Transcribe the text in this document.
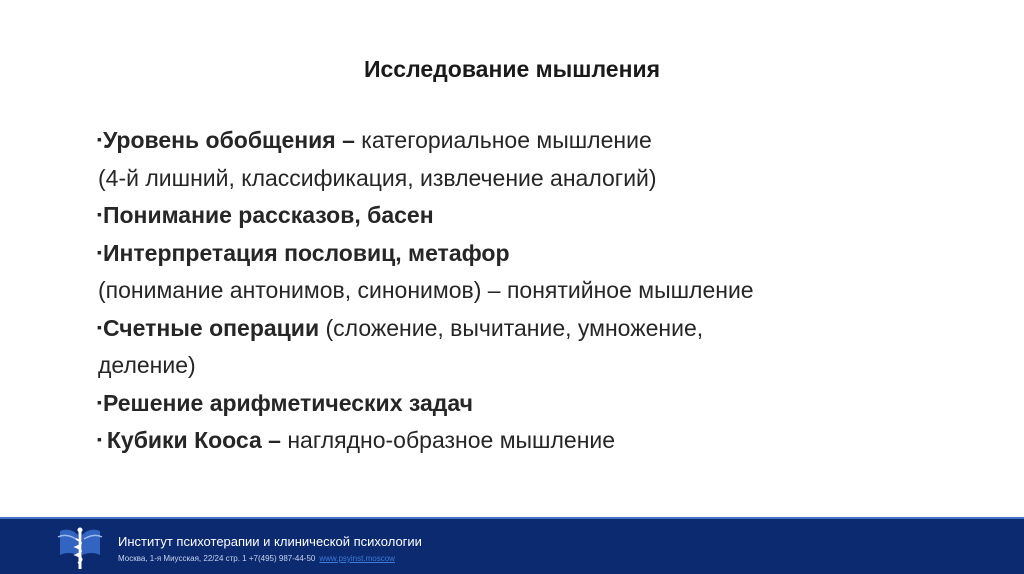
Исследование мышления
▪Уровень обобщения – категориальное мышление
(4-й лишний, классификация, извлечение аналогий)
▪Понимание рассказов, басен
▪Интерпретация пословиц, метафор
(понимание антонимов, синонимов) – понятийное мышление
▪Счетные операции (сложение, вычитание, умножение,
деление)
▪Решение арифметических задач
▪ Кубики Кооса – наглядно-образное мышление
Институт психотерапии и клинической психологии
Москва, 1-я Миусская, 22/24 стр. 1 +7(495) 987-44-50 www.psyinst.moscow
